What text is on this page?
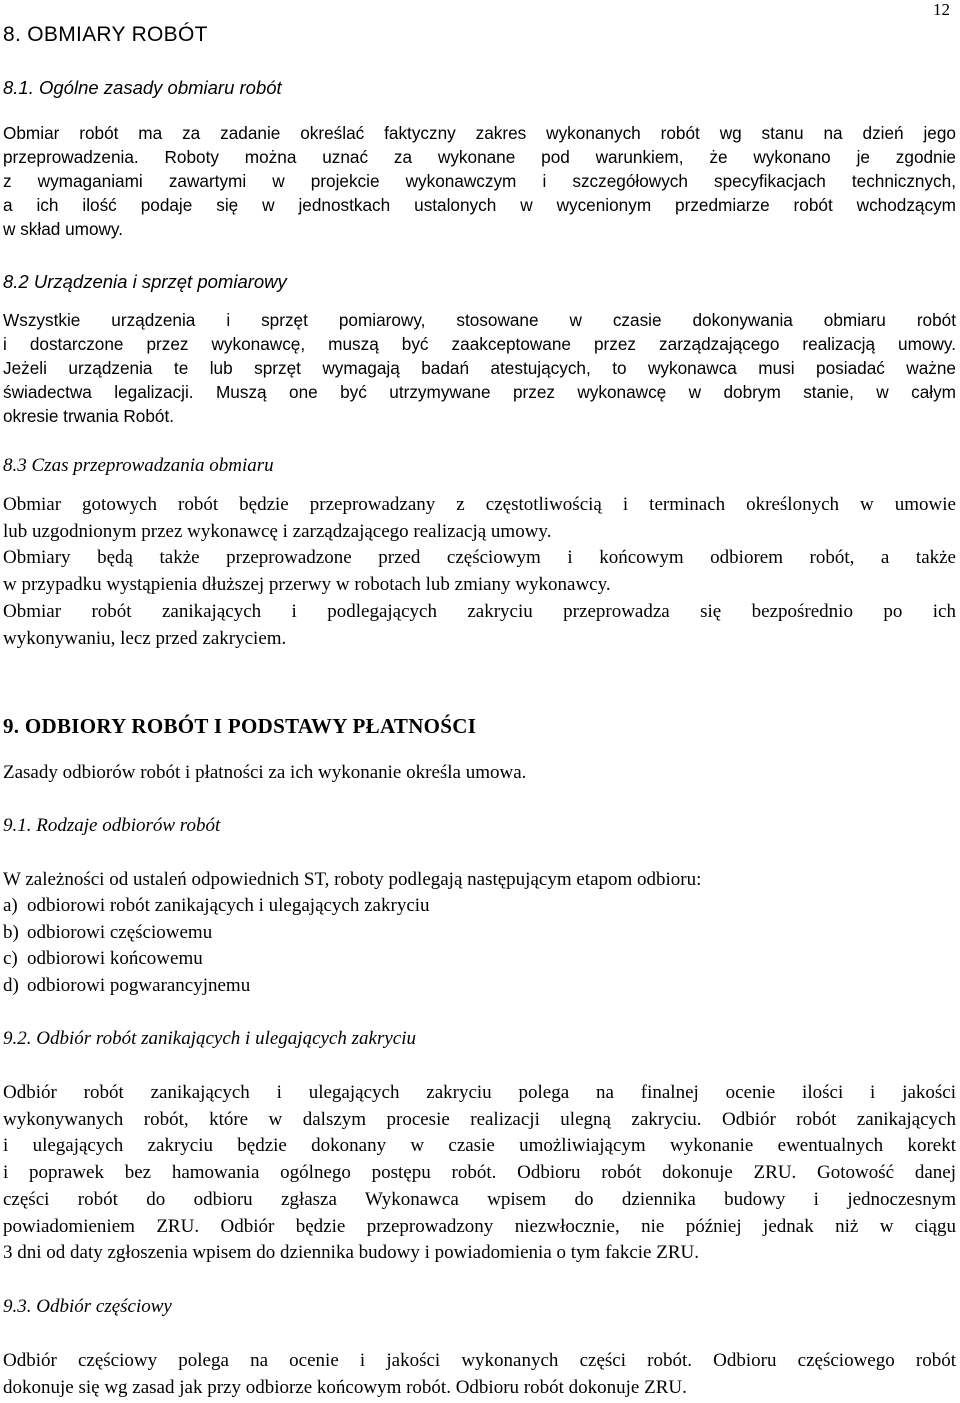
12
8. OBMIARY ROBÓT
8.1. Ogólne zasady obmiaru robót
Obmiar robót ma za zadanie określać faktyczny zakres wykonanych robót wg stanu na dzień jego
przeprowadzenia. Roboty można uznać za wykonane pod warunkiem, że wykonano je zgodnie
z wymaganiami zawartymi w projekcie wykonawczym i szczegółowych specyfikacjach technicznych,
a ich ilość podaje się w jednostkach ustalonych w wycenionym przedmiarze robót wchodzącym
w skład umowy.
8.2 Urządzenia i sprzęt pomiarowy
Wszystkie urządzenia i sprzęt pomiarowy, stosowane w czasie dokonywania obmiaru robót
i dostarczone przez wykonawcę, muszą być zaakceptowane przez zarządzającego realizacją umowy.
Jeżeli urządzenia te lub sprzęt wymagają badań atestujących, to wykonawca musi posiadać ważne
świadectwa legalizacji. Muszą one być utrzymywane przez wykonawcę w dobrym stanie, w całym
okresie trwania Robót.
8.3 Czas przeprowadzania obmiaru
Obmiar gotowych robót będzie przeprowadzany z częstotliwością i terminach określonych w umowie
lub uzgodnionym przez wykonawcę i zarządzającego realizacją umowy.
Obmiary będą także przeprowadzone przed częściowym i końcowym odbiorem robót, a także
w przypadku wystąpienia dłuższej przerwy w robotach lub zmiany wykonawcy.
Obmiar robót zanikających i podlegających zakryciu przeprowadza się bezpośrednio po ich
wykonywaniu, lecz przed zakryciem.
9. ODBIORY ROBÓT I PODSTAWY PŁATNOŚCI
Zasady odbiorów robót i płatności za ich wykonanie określa umowa.
9.1. Rodzaje odbiorów robót
W zależności od ustaleń odpowiednich ST, roboty podlegają następującym etapom odbioru:
a) odbiorowi robót zanikających i ulegających zakryciu
b) odbiorowi częściowemu
c) odbiorowi końcowemu
d) odbiorowi pogwarancyjnemu
9.2. Odbiór robót zanikających i ulegających zakryciu
Odbiór robót zanikających i ulegających zakryciu polega na finalnej ocenie ilości i jakości
wykonywanych robót, które w dalszym procesie realizacji ulegną zakryciu. Odbiór robót zanikających
i ulegających zakryciu będzie dokonany w czasie umożliwiającym wykonanie ewentualnych korekt
i poprawek bez hamowania ogólnego postępu robót. Odbioru robót dokonuje ZRU. Gotowość danej
części robót do odbioru zgłasza Wykonawca wpisem do dziennika budowy i jednoczesnym
powiadomieniem ZRU. Odbiór będzie przeprowadzony niezwłocznie, nie później jednak niż w ciągu
3 dni od daty zgłoszenia wpisem do dziennika budowy i powiadomienia o tym fakcie ZRU.
9.3. Odbiór częściowy
Odbiór częściowy polega na ocenie i jakości wykonanych części robót. Odbioru częściowego robót
dokonuje się wg zasad jak przy odbiorze końcowym robót. Odbioru robót dokonuje ZRU.
